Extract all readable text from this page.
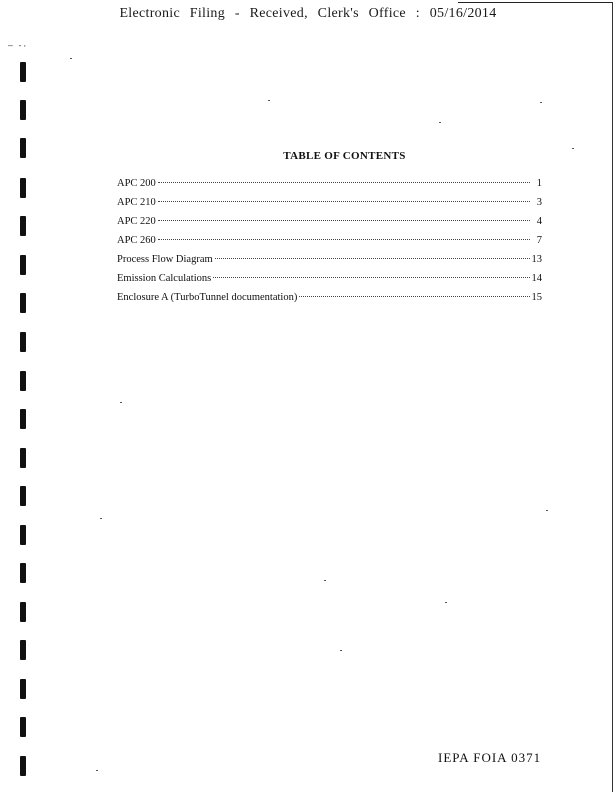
Electronic Filing - Received, Clerk's Office : 05/16/2014
— -·
TABLE OF CONTENTS
APC 200	1
APC 210	3
APC 220	4
APC 260	7
Process Flow Diagram	13
Emission Calculations	14
Enclosure A (TurboTunnel documentation)	15
IEPA FOIA 0371
